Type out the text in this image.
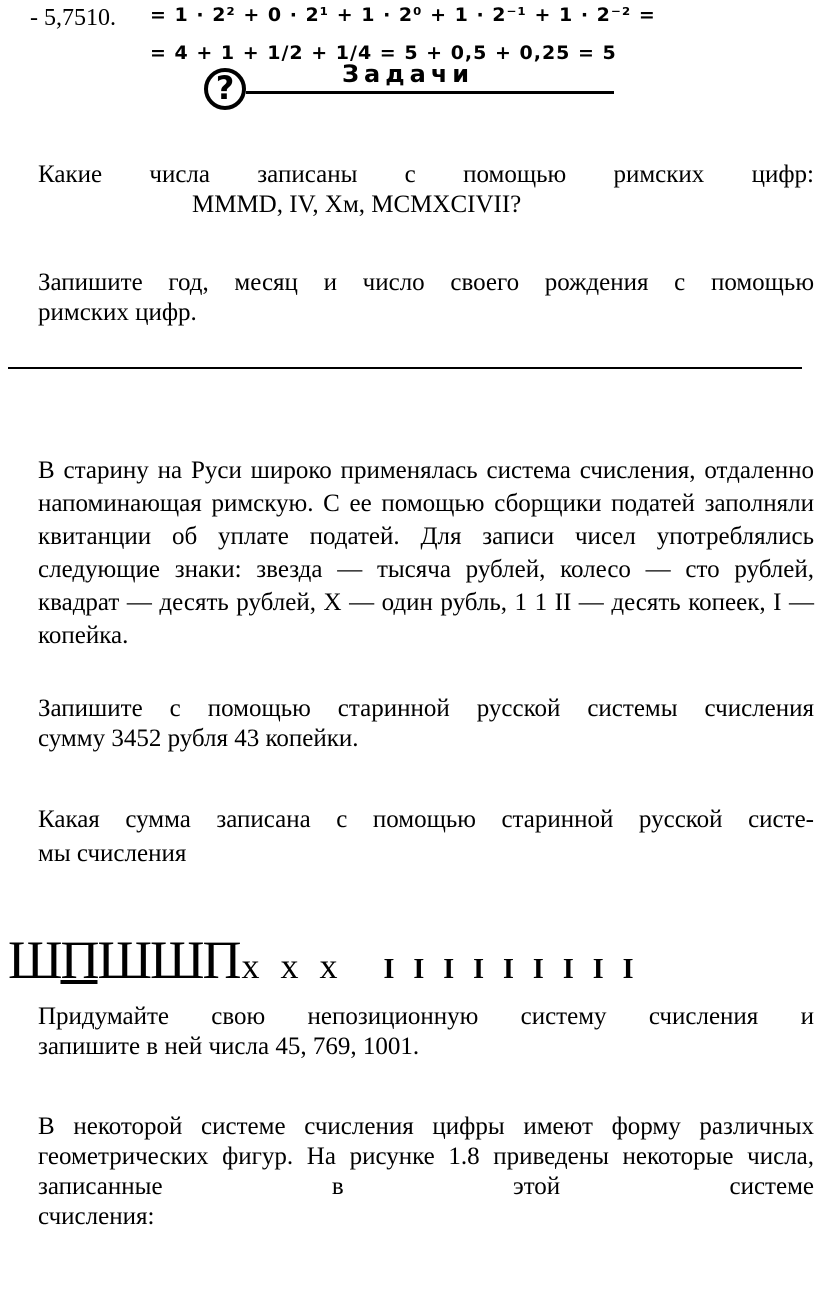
- 5,7510. = 1 · 2² + 0 · 2¹ + 1 · 2⁰ + 1 · 2⁻¹ + 1 · 2⁻² =
= 4 + 1 + 1/2 + 1/4 = 5 + 0,5 + 0,25 = 5
?	Задачи
Какие числа записаны с помощью римских цифр:
MMMD, IV, Хм, MCMXCIVII?
Запишите год, месяц и число своего рождения с помощью
римских цифр.
В старину на Руси широко применялась система счисления, отдаленно напоминающая римскую. С ее помощью сборщики податей заполняли квитанции об уплате податей. Для записи чисел употреблялись следующие знаки: звезда — тысяча рублей, колесо — сто рублей, квадрат — десять рублей, X — один рубль, 1 1 II — десять копеек, I —
копейка.
Запишите с помощью старинной русской системы счисления
сумму 3452 рубля 43 копейки.
Какая сумма записана с помощью старинной русской систе-
мы счисления
ШПШШПx x x I I I I I I I I I
Придумайте свою непозиционную систему счисления и
запишите в ней числа 45, 769, 1001.
В некоторой системе счисления цифры имеют форму различных геометрических фигур. На рисунке 1.8 приведены некоторые числа, записанные в этой системе
счисления:
